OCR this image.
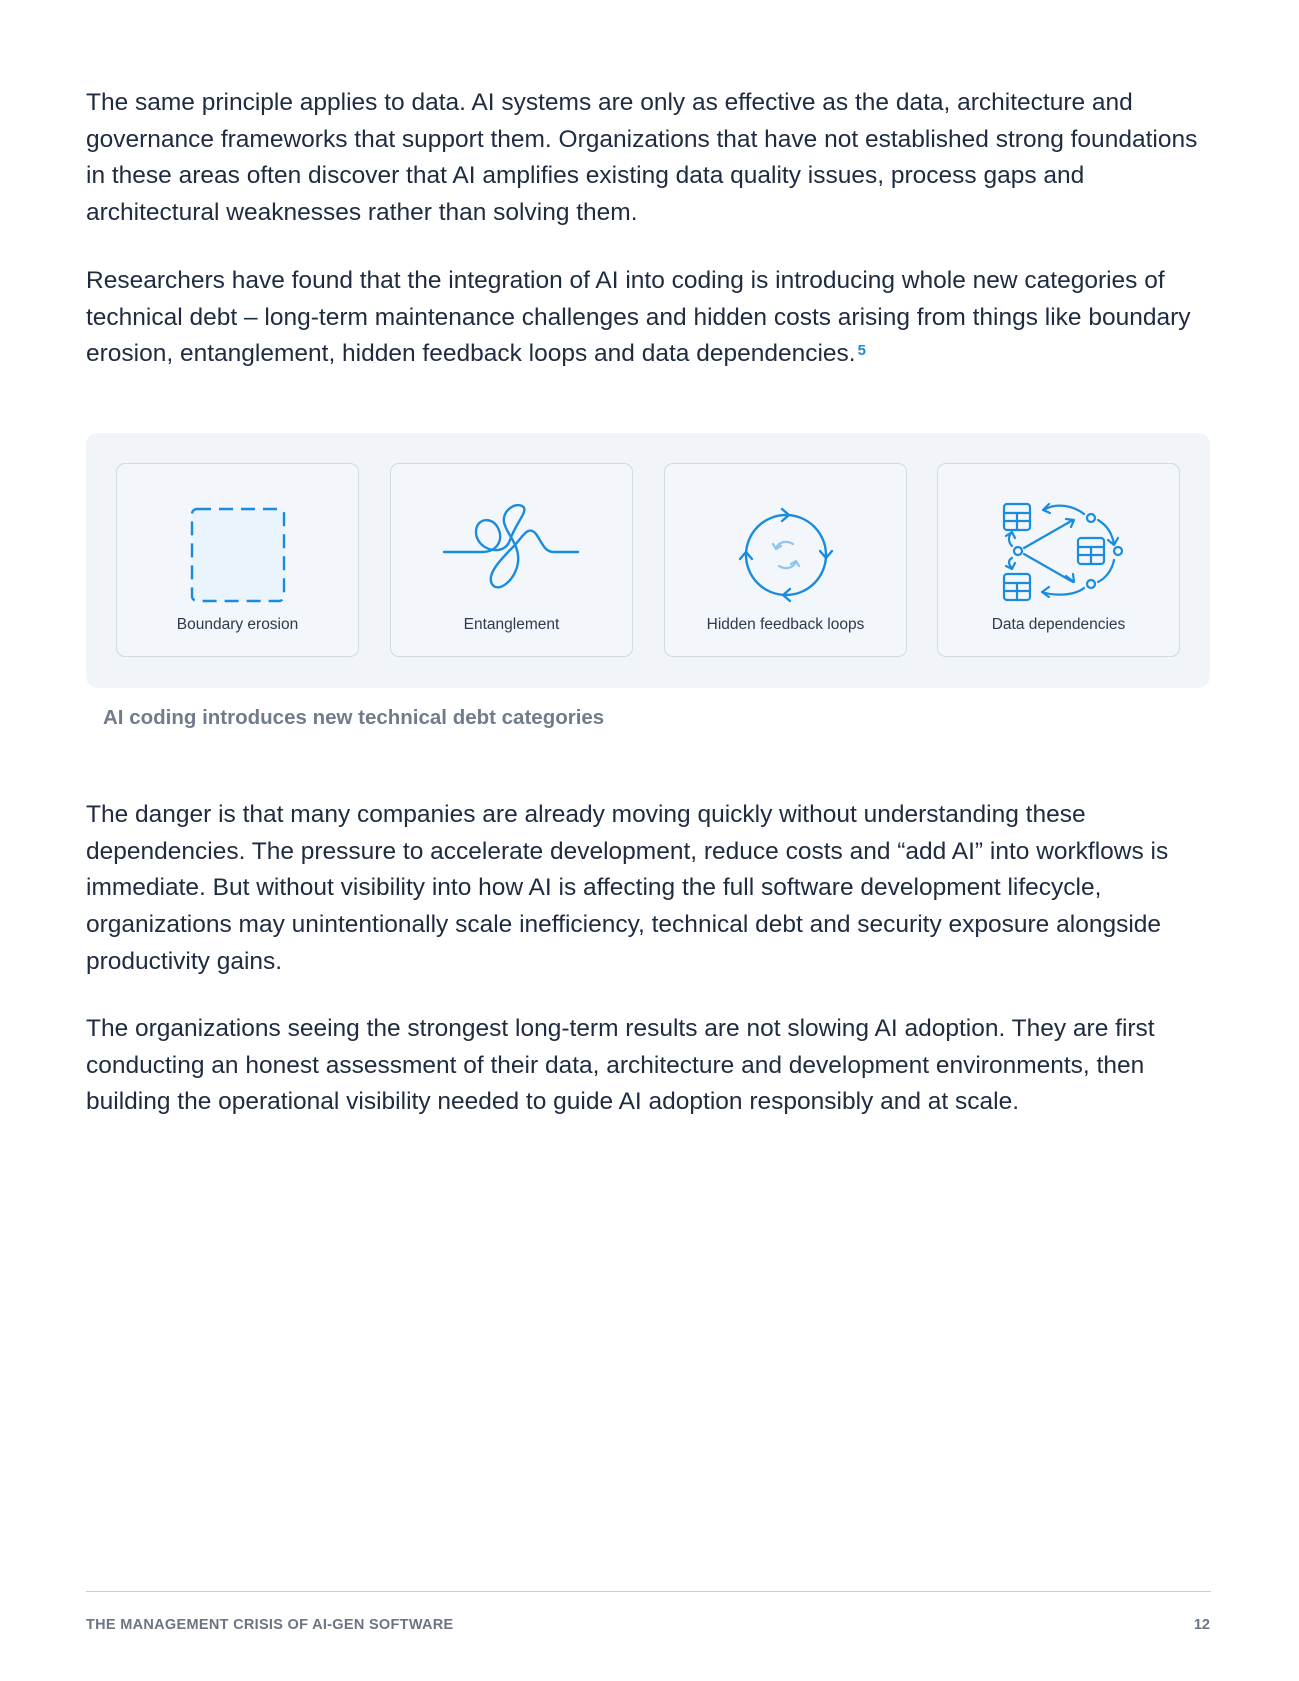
The same principle applies to data. AI systems are only as effective as the data, architecture and governance frameworks that support them. Organizations that have not established strong foundations in these areas often discover that AI amplifies existing data quality issues, process gaps and architectural weaknesses rather than solving them.

Researchers have found that the integration of AI into coding is introducing whole new categories of technical debt – long-term maintenance challenges and hidden costs arising from things like boundary erosion, entanglement, hidden feedback loops and data dependencies. $^5$

Boundary erosion	Entanglement	Hidden feedback loops	Data dependencies

AI coding introduces new technical debt categories

The danger is that many companies are already moving quickly without understanding these dependencies. The pressure to accelerate development, reduce costs and “add AI” into workflows is immediate. But without visibility into how AI is affecting the full software development lifecycle, organizations may unintentionally scale inefficiency, technical debt and security exposure alongside productivity gains.

The organizations seeing the strongest long-term results are not slowing AI adoption. They are first conducting an honest assessment of their data, architecture and development environments, then building the operational visibility needed to guide AI adoption responsibly and at scale.

THE MANAGEMENT CRISIS OF AI-GEN SOFTWARE	12
